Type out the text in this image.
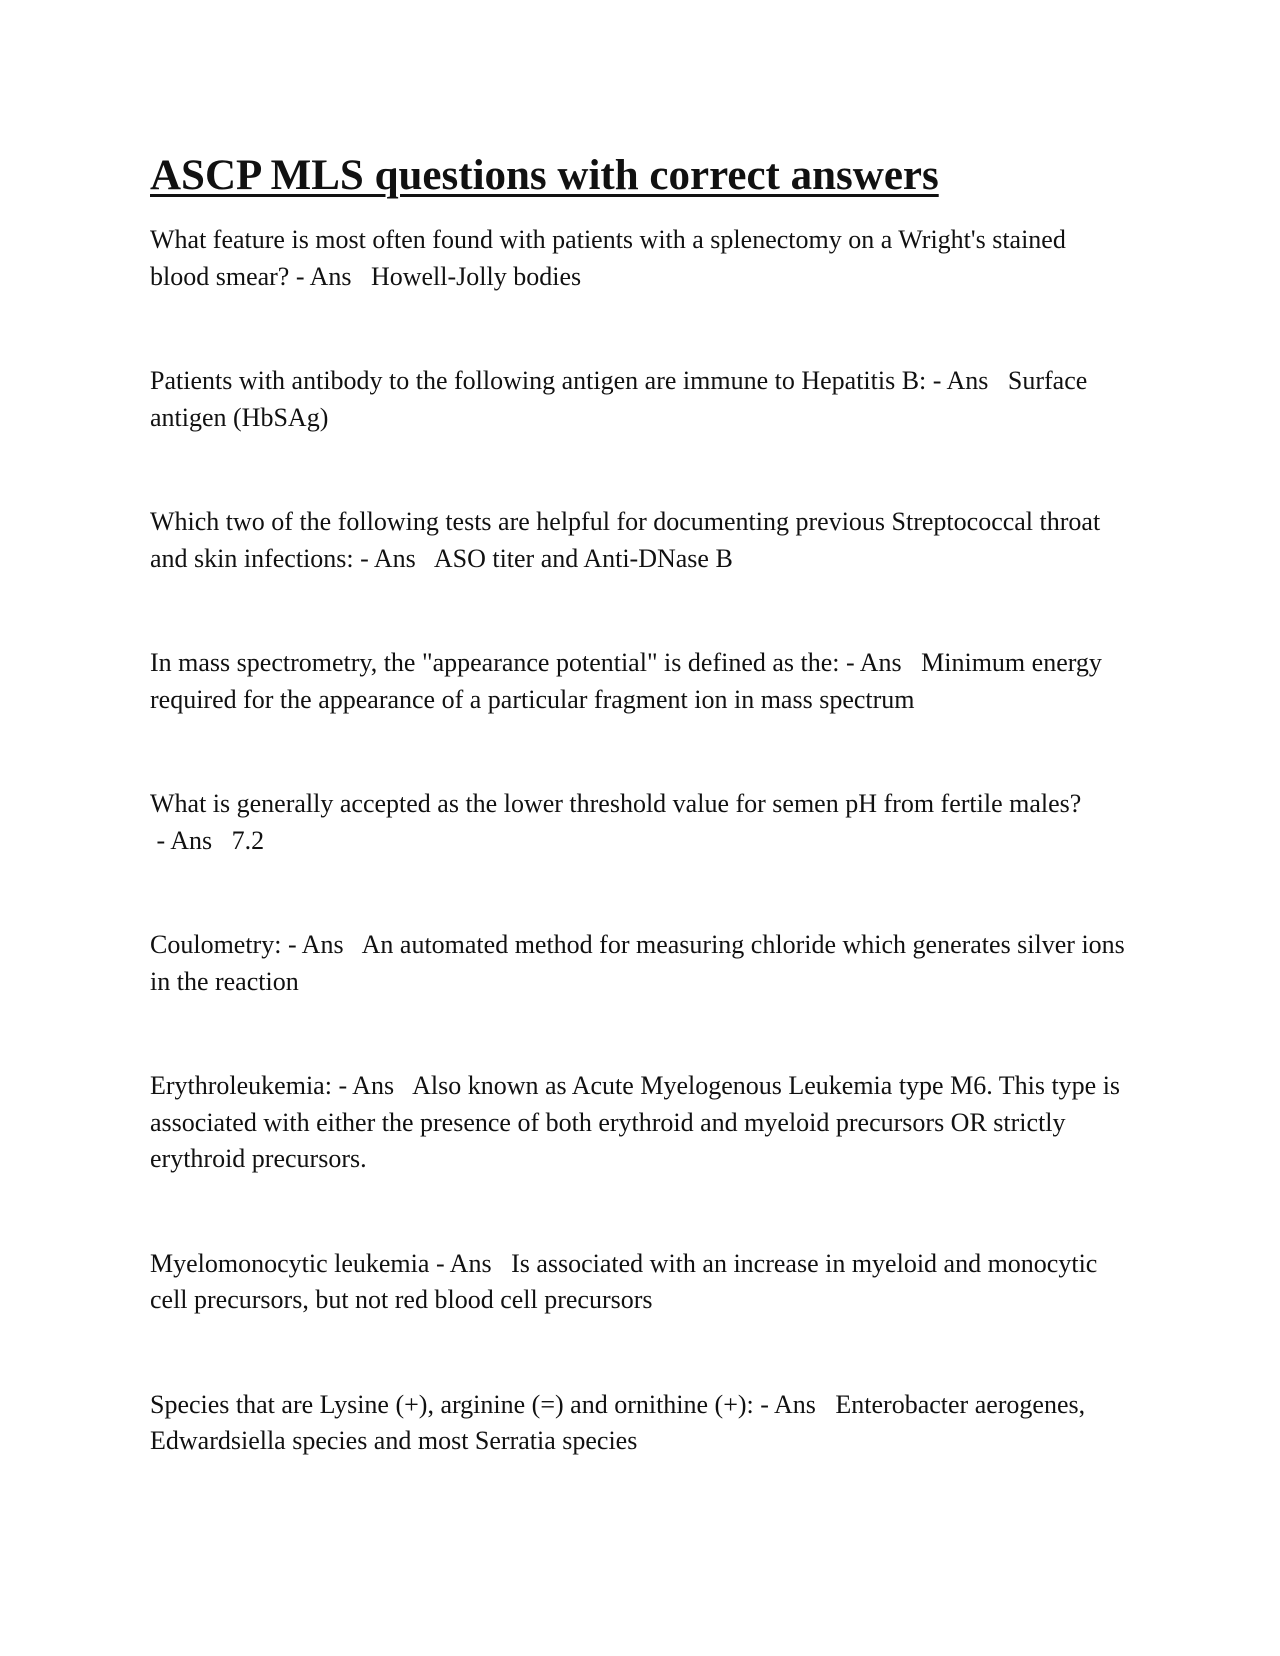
ASCP MLS questions with correct answers

What feature is most often found with patients with a splenectomy on a Wright's stained blood smear? - Ans   Howell-Jolly bodies

Patients with antibody to the following antigen are immune to Hepatitis B: - Ans   Surface antigen (HbSAg)

Which two of the following tests are helpful for documenting previous Streptococcal throat and skin infections: - Ans   ASO titer and Anti-DNase B

In mass spectrometry, the "appearance potential" is defined as the: - Ans   Minimum energy required for the appearance of a particular fragment ion in mass spectrum

What is generally accepted as the lower threshold value for semen pH from fertile males? - Ans   7.2

Coulometry: - Ans   An automated method for measuring chloride which generates silver ions in the reaction

Erythroleukemia: - Ans   Also known as Acute Myelogenous Leukemia type M6. This type is associated with either the presence of both erythroid and myeloid precursors OR strictly erythroid precursors.

Myelomonocytic leukemia - Ans   Is associated with an increase in myeloid and monocytic cell precursors, but not red blood cell precursors

Species that are Lysine (+), arginine (=) and ornithine (+): - Ans   Enterobacter aerogenes, Edwardsiella species and most Serratia species
